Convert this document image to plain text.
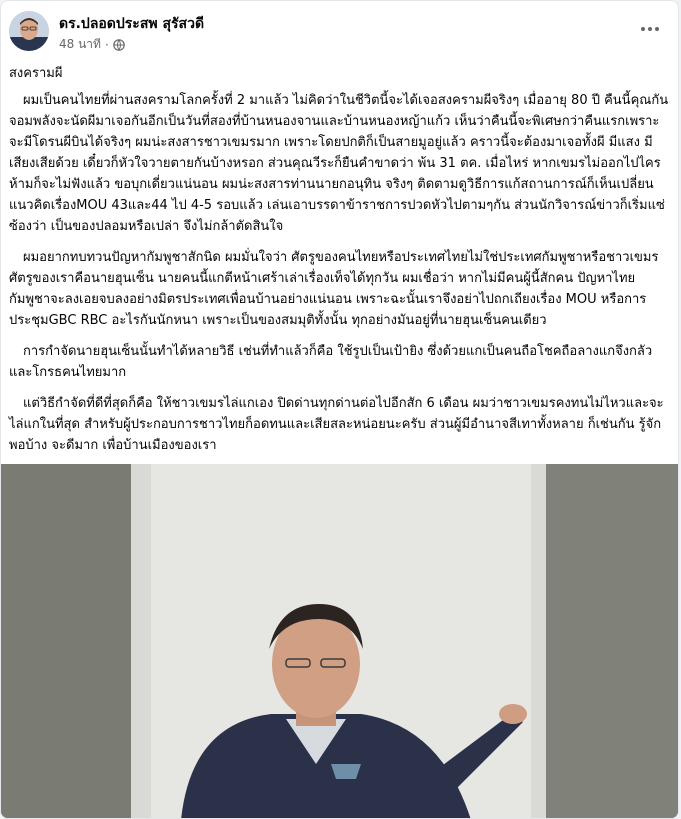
ดร.ปลอดประสพ สุรัสวดี
48 นาที ·

สงครามผี

ผมเป็นคนไทยที่ผ่านสงครามโลกครั้งที่ 2 มาแล้ว ไม่คิดว่าในชีวิตนี้จะได้เจอสงครามผีจริงๆ เมื่ออายุ 80 ปี คืนนี้คุณกัน จอมพลังจะนัดผีมาเจอกันอีกเป็นวันที่สองที่บ้านหนองจานและบ้านหนองหญ้าแก้ว เห็นว่าคืนนี้จะพิเศษกว่าคืนแรกเพราะจะมีโดรนผีบินได้จริงๆ ผมน่ะสงสารชาวเขมรมาก เพราะโดยปกติก็เป็นสายมูอยู่แล้ว คราวนี้จะต้องมาเจอทั้งผี มีแสง มีเสียงเสียด้วย เดี๋ยวก็หัวใจวายตายกันบ้างหรอก ส่วนคุณวีระก็ยืนคำขาดว่า พ้น 31 ตค. เมื่อไหร่ หากเขมรไม่ออกไปไครห้ามก็จะไม่ฟังแล้ว ขอบุกเดี่ยวแน่นอน ผมน่ะสงสารท่านนายกอนุทิน จริงๆ ติดตามดูวิธีการแก้สถานการณ์ก็เห็นเปลี่ยนแนวคิดเรื่องMOU 43และ44 ไป 4-5 รอบแล้ว เล่นเอาบรรดาข้าราชการปวดหัวไปตามๆกัน ส่วนนักวิจารณ์ข่าวก็เริ่มแซ่ซ้องว่า เป็นของปลอมหรือเปล่า จึงไม่กล้าตัดสินใจ

ผมอยากทบทวนปัญหากัมพูชาสักนิด ผมมั่นใจว่า ศัตรูของคนไทยหรือประเทศไทยไม่ใช่ประเทศกัมพูชาหรือชาวเขมร ศัตรูของเราคือนายฮุนเซ็น นายคนนี้แกตีหน้าเศร้าเล่าเรื่องเท็จได้ทุกวัน ผมเชื่อว่า หากไม่มีคนผู้นี้สักคน ปัญหาไทยกัมพูชาจะลงเอยจบลงอย่างมิตรประเทศเพื่อนบ้านอย่างแน่นอน เพราะฉะนั้นเราจึงอย่าไปถกเถียงเรื่อง MOU หรือการประชุมGBC RBC อะไรกันนักหนา เพราะเป็นของสมมุติทั้งนั้น ทุกอย่างมันอยู่ที่นายฮุนเซ็นคนเดียว

การกำจัดนายฮุนเซ็นนั้นทำได้หลายวิธี เช่นที่ทำแล้วก็คือ ใช้รูปเป็นเป้ายิง ซึ่งด้วยแกเป็นคนถือโชคถือลางแกจึงกลัวและโกรธคนไทยมาก

แต่วิธีกำจัดที่ดีที่สุดก็คือ ให้ชาวเขมรไล่แกเอง ปิดด่านทุกด่านต่อไปอีกสัก 6 เดือน ผมว่าชาวเขมรคงทนไม่ไหวและจะไล่แกในที่สุด สำหรับผู้ประกอบการชาวไทยก็อดทนและเสียสละหน่อยนะครับ ส่วนผู้มีอำนาจสีเทาทั้งหลาย ก็เช่นกัน รู้จักพอบ้าง จะดีมาก เพื่อบ้านเมืองของเรา
